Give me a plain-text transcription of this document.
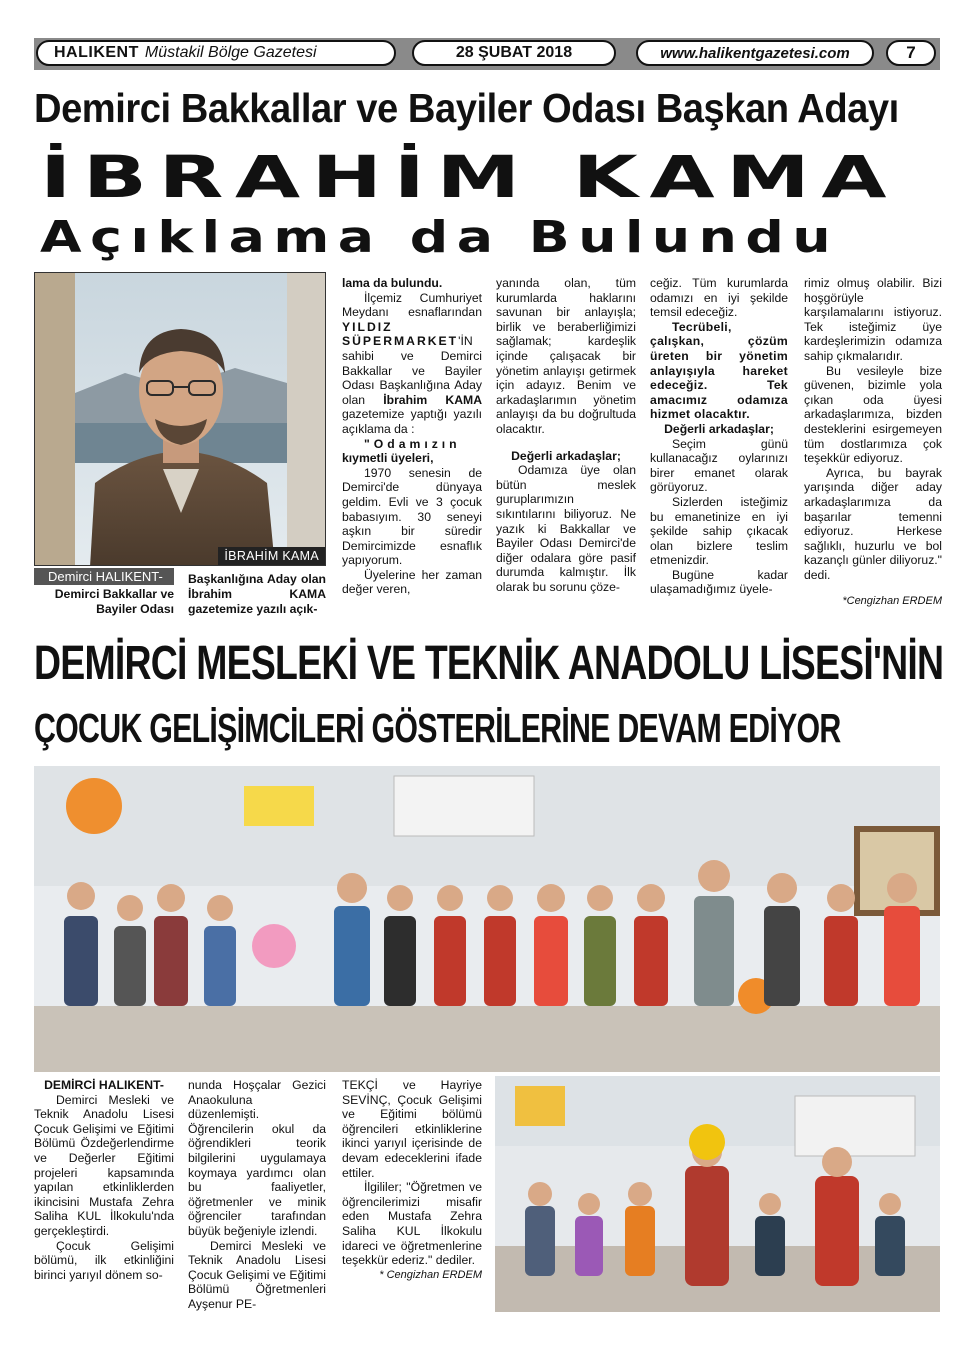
HALIKENT Müstakil Bölge Gazetesi	28 ŞUBAT 2018	www.halikentgazetesi.com	7
Demirci Bakkallar ve Bayiler Odası Başkan Adayı
İBRAHİM KAMA
Açıklama da Bulundu
İBRAHİM KAMA
Demirci HALIKENT-
Demirci Bakkallar ve Bayiler Odası
Başkanlığına Aday olan İbrahim KAMA gazetemize yazılı açık-

lama da bulundu.

İlçemiz Cumhuriyet Meydanı esnaflarından YILDIZ SÜPERMARKET'İN sahibi ve Demirci Bakkallar ve Bayiler Odası Başkanlığına Aday olan İbrahim KAMA gazetemize yaptığı yazılı açıklama da :

"Odamızın

kıymetli üyeleri,

1970 senesin de Demirci'de dünyaya geldim. Evli ve 3 çocuk babasıyım. 30 seneyi aşkın bir süredir Demircimizde esnaflık yapıyorum.

Üyelerine her zaman değer veren,

yanında olan, tüm kurumlarda haklarını savunan bir anlayışla; birlik ve beraberliğimizi sağlamak; kardeşlik içinde çalışacak bir yönetim anlayışı getirmek için adayız. Benim ve arkadaşlarımın yönetim anlayışı da bu doğrultuda olacaktır.

Değerli arkadaşlar;

Odamıza üye olan bütün meslek guruplarımızın sıkıntılarını biliyoruz. Ne yazık ki Bakkallar ve Bayiler Odası Demirci'de diğer odalara göre pasif durumda kalmıştır. İlk olarak bu sorunu çöze-

ceğiz. Tüm kurumlarda odamızı en iyi şekilde temsil edeceğiz.

Tecrübeli, çalışkan, çözüm üreten bir yönetim anlayışıyla hareket edeceğiz. Tek amacımız odamıza hizmet olacaktır.

Değerli arkadaşlar;

Seçim günü kullanacağız oylarınızı birer emanet olarak görüyoruz.

Sizlerden isteğimiz bu emanetinize en iyi şekilde sahip çıkacak olan bizlere teslim etmenizdir.

Bugüne kadar ulaşamadığımız üyele-

rimiz olmuş olabilir. Bizi hoşgörüyle karşılamalarını istiyoruz. Tek isteğimiz üye kardeşlerimizin odamıza sahip çıkmalarıdır.

Bu vesileyle bize güvenen, bizimle yola çıkan oda üyesi arkadaşlarımıza, bizden desteklerini esirgemeyen tüm dostlarımıza çok teşekkür ediyoruz.

Ayrıca, bu bayrak yarışında diğer aday arkadaşlarımıza da başarılar temenni ediyoruz. Herkese sağlıklı, huzurlu ve bol kazançlı günler diliyoruz." dedi.

*Cengizhan ERDEM

DEMİRCİ MESLEKİ VE TEKNİK ANADOLU LİSESİ'NİN
ÇOCUK GELİŞİMCİLERİ GÖSTERİLERİNE DEVAM EDİYOR

DEMİRCİ HALIKENT-

Demirci Mesleki ve Teknik Anadolu Lisesi Çocuk Gelişimi ve Eğitimi Bölümü Özdeğerlendirme ve Değerler Eğitimi projeleri kapsamında yapılan etkinliklerden ikincisini Mustafa Zehra Saliha KUL İlkokulu'nda gerçekleştirdi.

Çocuk Gelişimi bölümü, ilk etkinliğini birinci yarıyıl dönem so-

nunda Hoşçalar Gezici Anaokuluna düzenlemişti. Öğrencilerin okul da öğrendikleri teorik bilgilerini uygulamaya koymaya yardımcı olan bu faaliyetler, öğretmenler ve minik öğrenciler tarafından büyük beğeniyle izlendi.

Demirci Mesleki ve Teknik Anadolu Lisesi Çocuk Gelişimi ve Eğitimi Bölümü Öğretmenleri Ayşenur PE-

TEKÇİ ve Hayriye SEVİNÇ, Çocuk Gelişimi ve Eğitimi bölümü öğrencileri etkinliklerine ikinci yarıyıl içerisinde de devam edeceklerini ifade ettiler.

İlgililer; "Öğretmen ve öğrencilerimizi misafir eden Mustafa Zehra Saliha KUL İlkokulu idareci ve öğretmenlerine teşekkür ederiz." dediler.

* Cengizhan ERDEM
